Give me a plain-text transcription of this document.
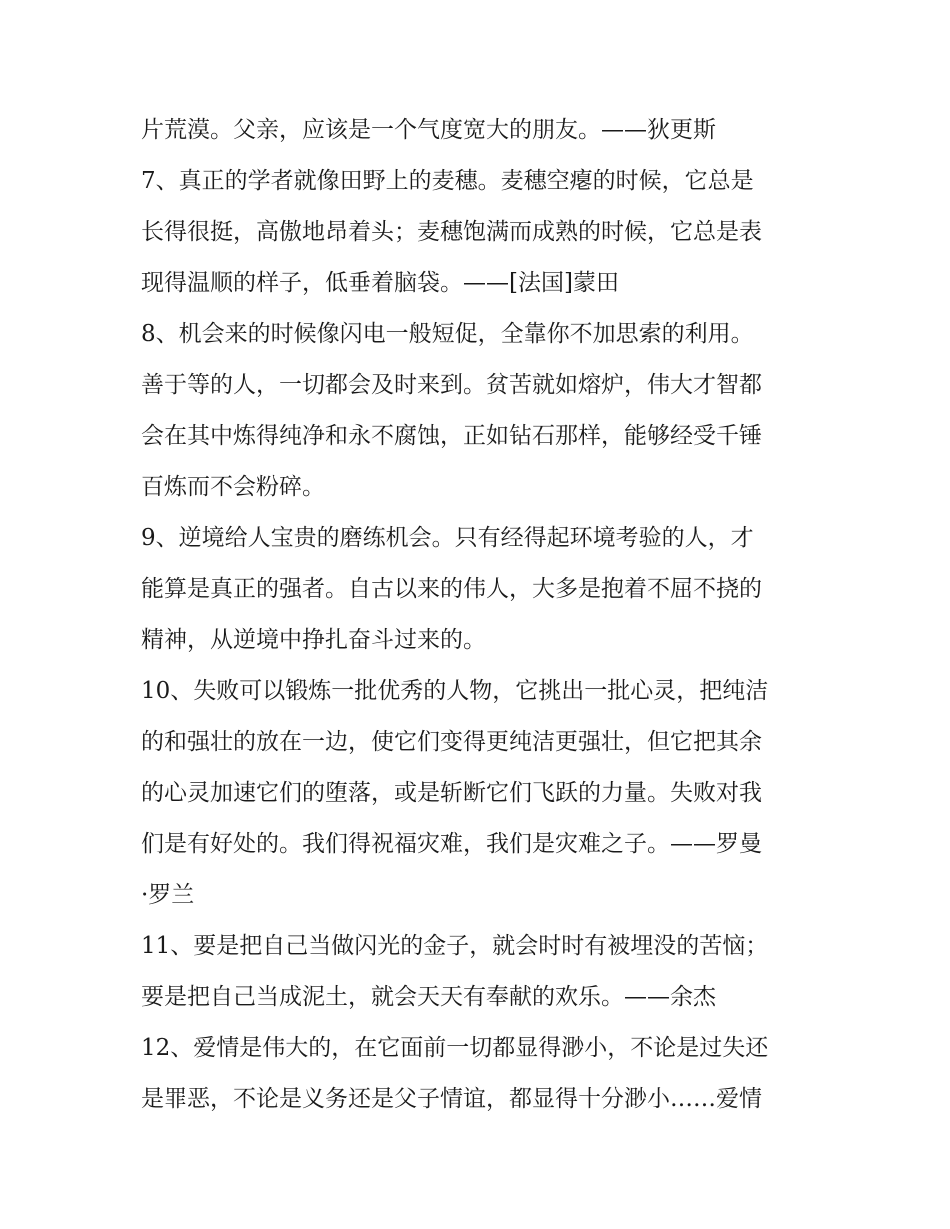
片荒漠。父亲，应该是一个气度宽大的朋友。——狄更斯
7、真正的学者就像田野上的麦穗。麦穗空瘪的时候，它总是
长得很挺，高傲地昂着头；麦穗饱满而成熟的时候，它总是表
现得温顺的样子，低垂着脑袋。——[法国]蒙田
8、机会来的时候像闪电一般短促，全靠你不加思索的利用。
善于等的人，一切都会及时来到。贫苦就如熔炉，伟大才智都
会在其中炼得纯净和永不腐蚀，正如钻石那样，能够经受千锤
百炼而不会粉碎。
9、逆境给人宝贵的磨练机会。只有经得起环境考验的人，才
能算是真正的强者。自古以来的伟人，大多是抱着不屈不挠的
精神，从逆境中挣扎奋斗过来的。
10、失败可以锻炼一批优秀的人物，它挑出一批心灵，把纯洁
的和强壮的放在一边，使它们变得更纯洁更强壮，但它把其余
的心灵加速它们的堕落，或是斩断它们飞跃的力量。失败对我
们是有好处的。我们得祝福灾难，我们是灾难之子。——罗曼
·罗兰
11、要是把自己当做闪光的金子，就会时时有被埋没的苦恼；
要是把自己当成泥土，就会天天有奉献的欢乐。——余杰
12、爱情是伟大的，在它面前一切都显得渺小，不论是过失还
是罪恶，不论是义务还是父子情谊，都显得十分渺小……爱情
